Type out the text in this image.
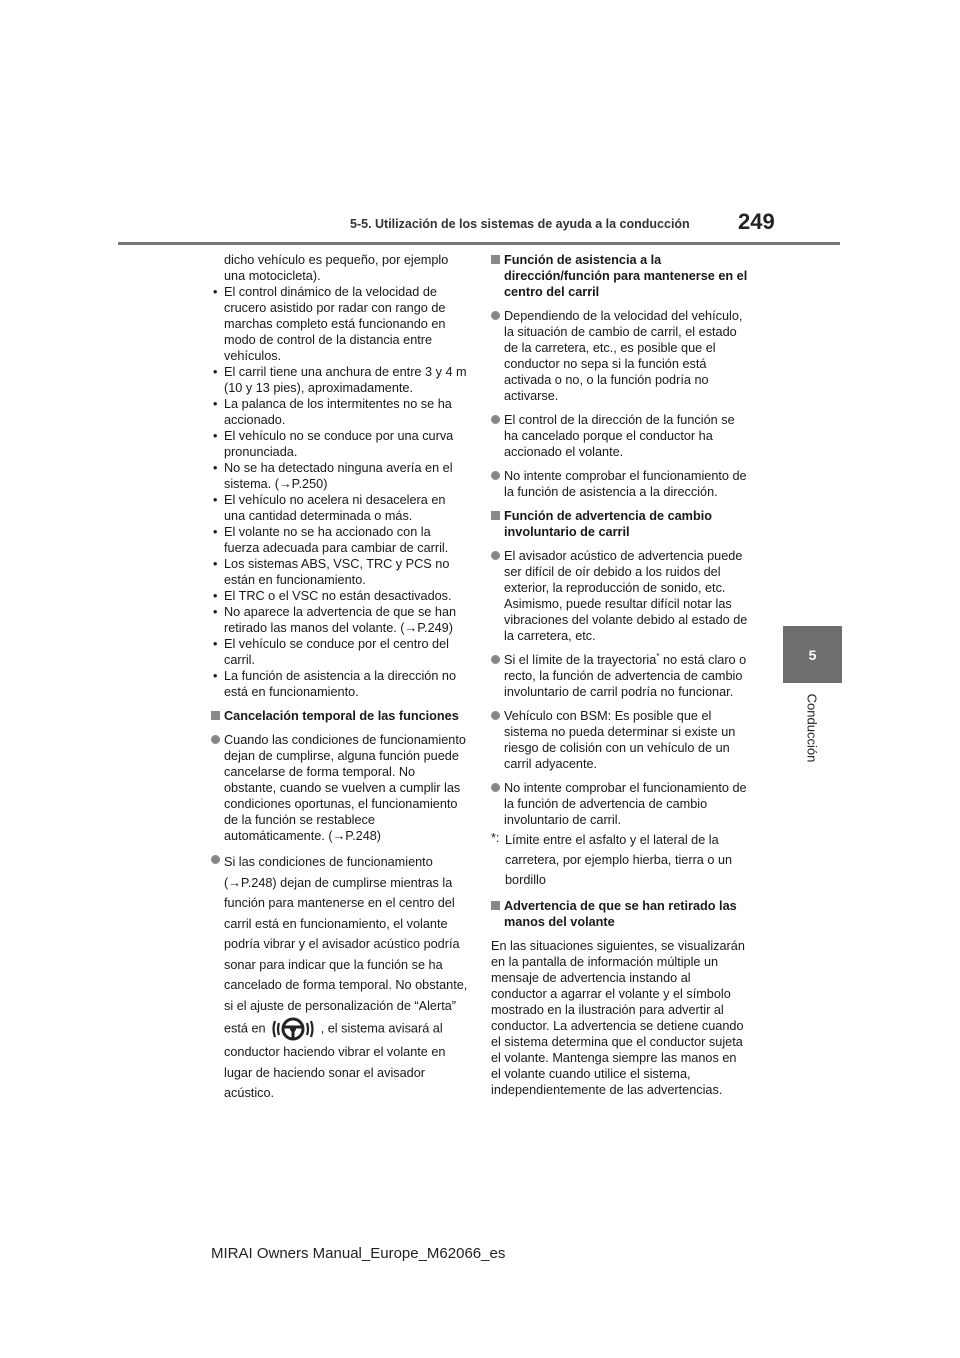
5-5. Utilización de los sistemas de ayuda a la conducción 249
5
Conducción
dicho vehículo es pequeño, por ejemplo una motocicleta).
• El control dinámico de la velocidad de crucero asistido por radar con rango de marchas completo está funcionando en modo de control de la distancia entre vehículos.
• El carril tiene una anchura de entre 3 y 4 m (10 y 13 pies), aproximadamente.
• La palanca de los intermitentes no se ha accionado.
• El vehículo no se conduce por una curva pronunciada.
• No se ha detectado ninguna avería en el sistema. (→P.250)
• El vehículo no acelera ni desacelera en una cantidad determinada o más.
• El volante no se ha accionado con la fuerza adecuada para cambiar de carril.
• Los sistemas ABS, VSC, TRC y PCS no están en funcionamiento.
• El TRC o el VSC no están desactivados.
• No aparece la advertencia de que se han retirado las manos del volante. (→P.249)
• El vehículo se conduce por el centro del carril.
• La función de asistencia a la dirección no está en funcionamiento.
Cancelación temporal de las funciones
Cuando las condiciones de funcionamiento dejan de cumplirse, alguna función puede cancelarse de forma temporal. No obstante, cuando se vuelven a cumplir las condiciones oportunas, el funcionamiento de la función se restablece automáticamente. (→P.248)
Si las condiciones de funcionamiento (→P.248) dejan de cumplirse mientras la función para mantenerse en el centro del carril está en funcionamiento, el volante podría vibrar y el avisador acústico podría sonar para indicar que la función se ha cancelado de forma temporal. No obstante, si el ajuste de personalización de “Alerta” está en	, el sistema avisará al conductor haciendo vibrar el volante en lugar de haciendo sonar el avisador acústico.
Función de asistencia a la dirección/función para mantenerse en el centro del carril
Dependiendo de la velocidad del vehículo, la situación de cambio de carril, el estado de la carretera, etc., es posible que el conductor no sepa si la función está activada o no, o la función podría no activarse.
El control de la dirección de la función se ha cancelado porque el conductor ha accionado el volante.
No intente comprobar el funcionamiento de la función de asistencia a la dirección.
Función de advertencia de cambio involuntario de carril
El avisador acústico de advertencia puede ser difícil de oír debido a los ruidos del exterior, la reproducción de sonido, etc. Asimismo, puede resultar difícil notar las vibraciones del volante debido al estado de la carretera, etc.
Si el límite de la trayectoria* no está claro o recto, la función de advertencia de cambio involuntario de carril podría no funcionar.
Vehículo con BSM: Es posible que el sistema no pueda determinar si existe un riesgo de colisión con un vehículo de un carril adyacente.
No intente comprobar el funcionamiento de la función de advertencia de cambio involuntario de carril.
*: Límite entre el asfalto y el lateral de la carretera, por ejemplo hierba, tierra o un bordillo
Advertencia de que se han retirado las manos del volante
En las situaciones siguientes, se visualizarán en la pantalla de información múltiple un mensaje de advertencia instando al conductor a agarrar el volante y el símbolo mostrado en la ilustración para advertir al conductor. La advertencia se detiene cuando el sistema determina que el conductor sujeta el volante. Mantenga siempre las manos en el volante cuando utilice el sistema, independientemente de las advertencias.
MIRAI Owners Manual_Europe_M62066_es
